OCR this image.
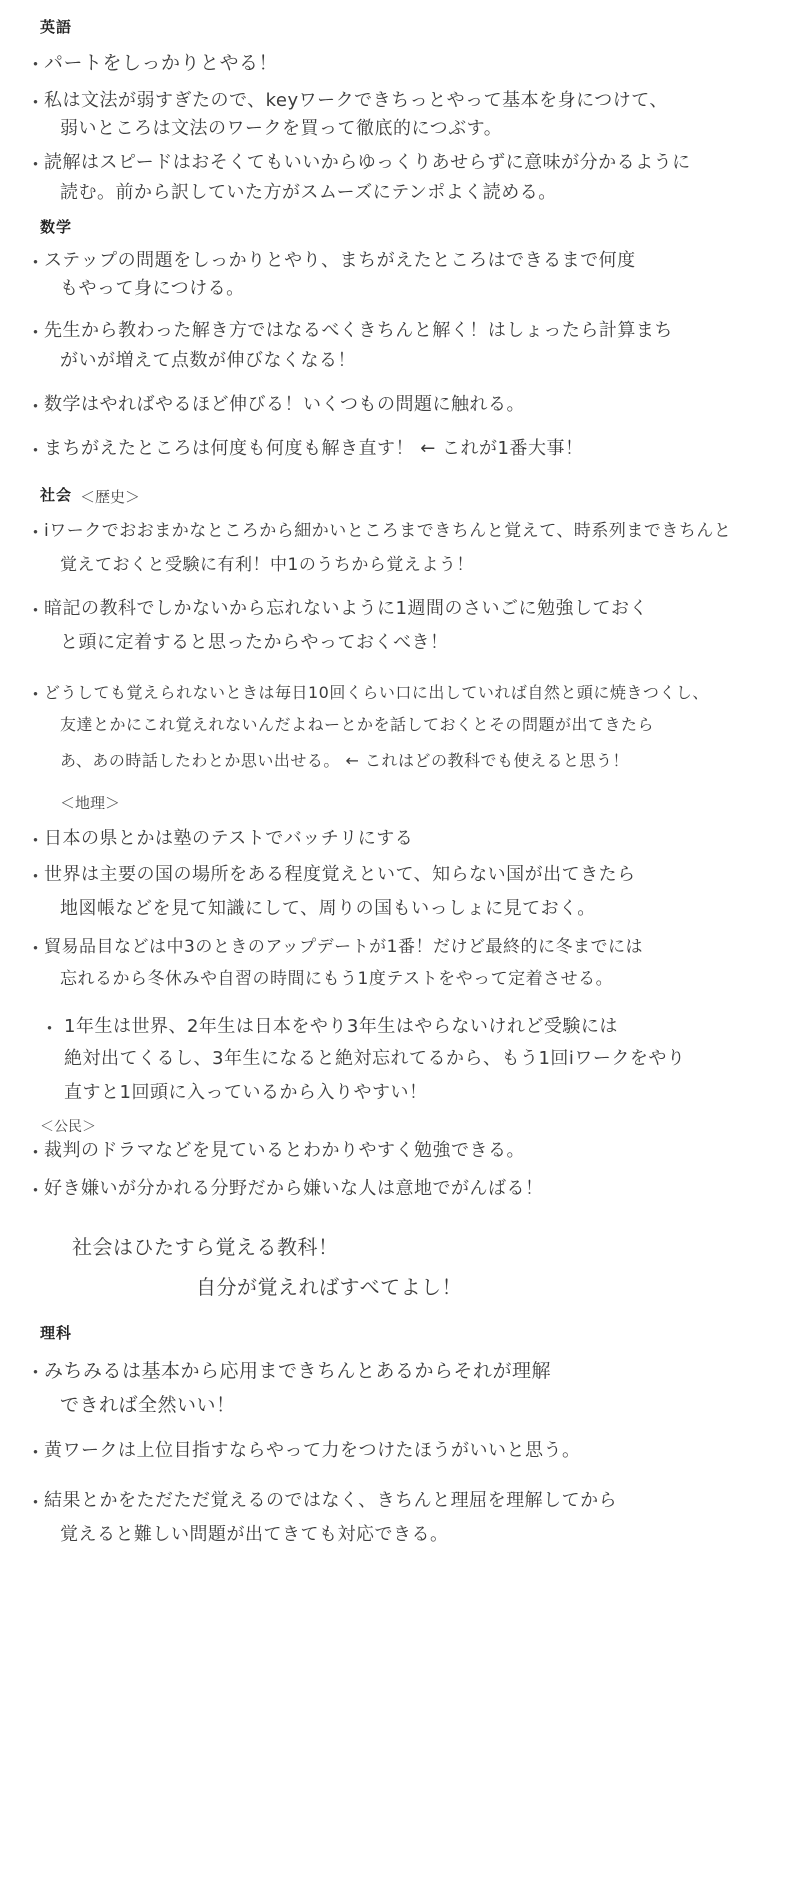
英語
・
パートをしっかりとやる！
・
私は文法が弱すぎたので、keyワークできちっとやって基本を身につけて、
弱いところは文法のワークを買って徹底的につぶす。
・
読解はスピードはおそくてもいいからゆっくりあせらずに意味が分かるように
読む。前から訳していた方がスムーズにテンポよく読める。
数学
・
ステップの問題をしっかりとやり、まちがえたところはできるまで何度
もやって身につける。
・
先生から教わった解き方ではなるべくきちんと解く！はしょったら計算まち
がいが増えて点数が伸びなくなる！
・
数学はやればやるほど伸びる！いくつもの問題に触れる。
・
まちがえたところは何度も何度も解き直す！ ← これが1番大事！
社会 ＜歴史＞
・
iワークでおおまかなところから細かいところまできちんと覚えて、時系列まできちんと
覚えておくと受験に有利！中1のうちから覚えよう！
・
暗記の教科でしかないから忘れないように1週間のさいごに勉強しておく
と頭に定着すると思ったからやっておくべき！
・
どうしても覚えられないときは毎日10回くらい口に出していれば自然と頭に焼きつくし、
友達とかにこれ覚えれないんだよねーとかを話しておくとその問題が出てきたら
あ、あの時話したわとか思い出せる。 ← これはどの教科でも使えると思う！
＜地理＞
・
日本の県とかは塾のテストでバッチリにする
・
世界は主要の国の場所をある程度覚えといて、知らない国が出てきたら
地図帳などを見て知識にして、周りの国もいっしょに見ておく。
・
貿易品目などは中3のときのアップデートが1番！だけど最終的に冬までには
忘れるから冬休みや自習の時間にもう1度テストをやって定着させる。
・ 1年生は世界、2年生は日本をやり3年生はやらないけれど受験には
絶対出てくるし、3年生になると絶対忘れてるから、もう1回iワークをやり
直すと1回頭に入っているから入りやすい！
＜公民＞
・
裁判のドラマなどを見ているとわかりやすく勉強できる。
・
好き嫌いが分かれる分野だから嫌いな人は意地でがんばる！
社会はひたすら覚える教科！
自分が覚えればすべてよし！
理科
・
みちみるは基本から応用まできちんとあるからそれが理解
できれば全然いい！
・
黄ワークは上位目指すならやって力をつけたほうがいいと思う。
・
結果とかをただただ覚えるのではなく、きちんと理屈を理解してから
覚えると難しい問題が出てきても対応できる。
